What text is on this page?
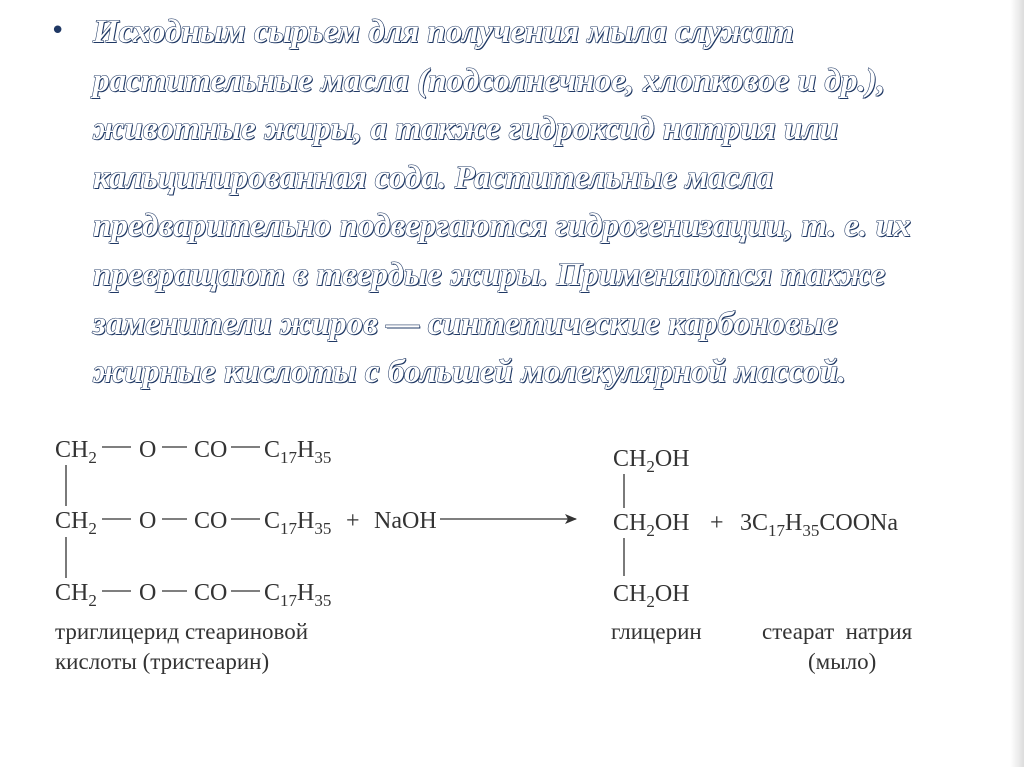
• Исходным сырьем для получения мыла служат
растительные масла (подсолнечное, хлопковое и др.),
животные жиры, а также гидроксид натрия или
кальцинированная сода. Растительные масла
предварительно подвергаются гидрогенизации, т. е. их
превращают в твердые жиры. Применяются также
заменители жиров — синтетические карбоновые
жирные кислоты с большей молекулярной массой.

$CH_2$ O CO $C_{17}H_{35}$
$CH_2$ O CO $C_{17}H_{35}$
$CH_2$ O CO $C_{17}H_{35}$
+ NaOH
$CH_2OH$
$CH_2OH$
$CH_2OH$
+ $3C_{17}H_{35}COONa$
триглицерид стеариновой
кислоты (тристеарин)
глицерин	стеарат  натрия
(мыло)
